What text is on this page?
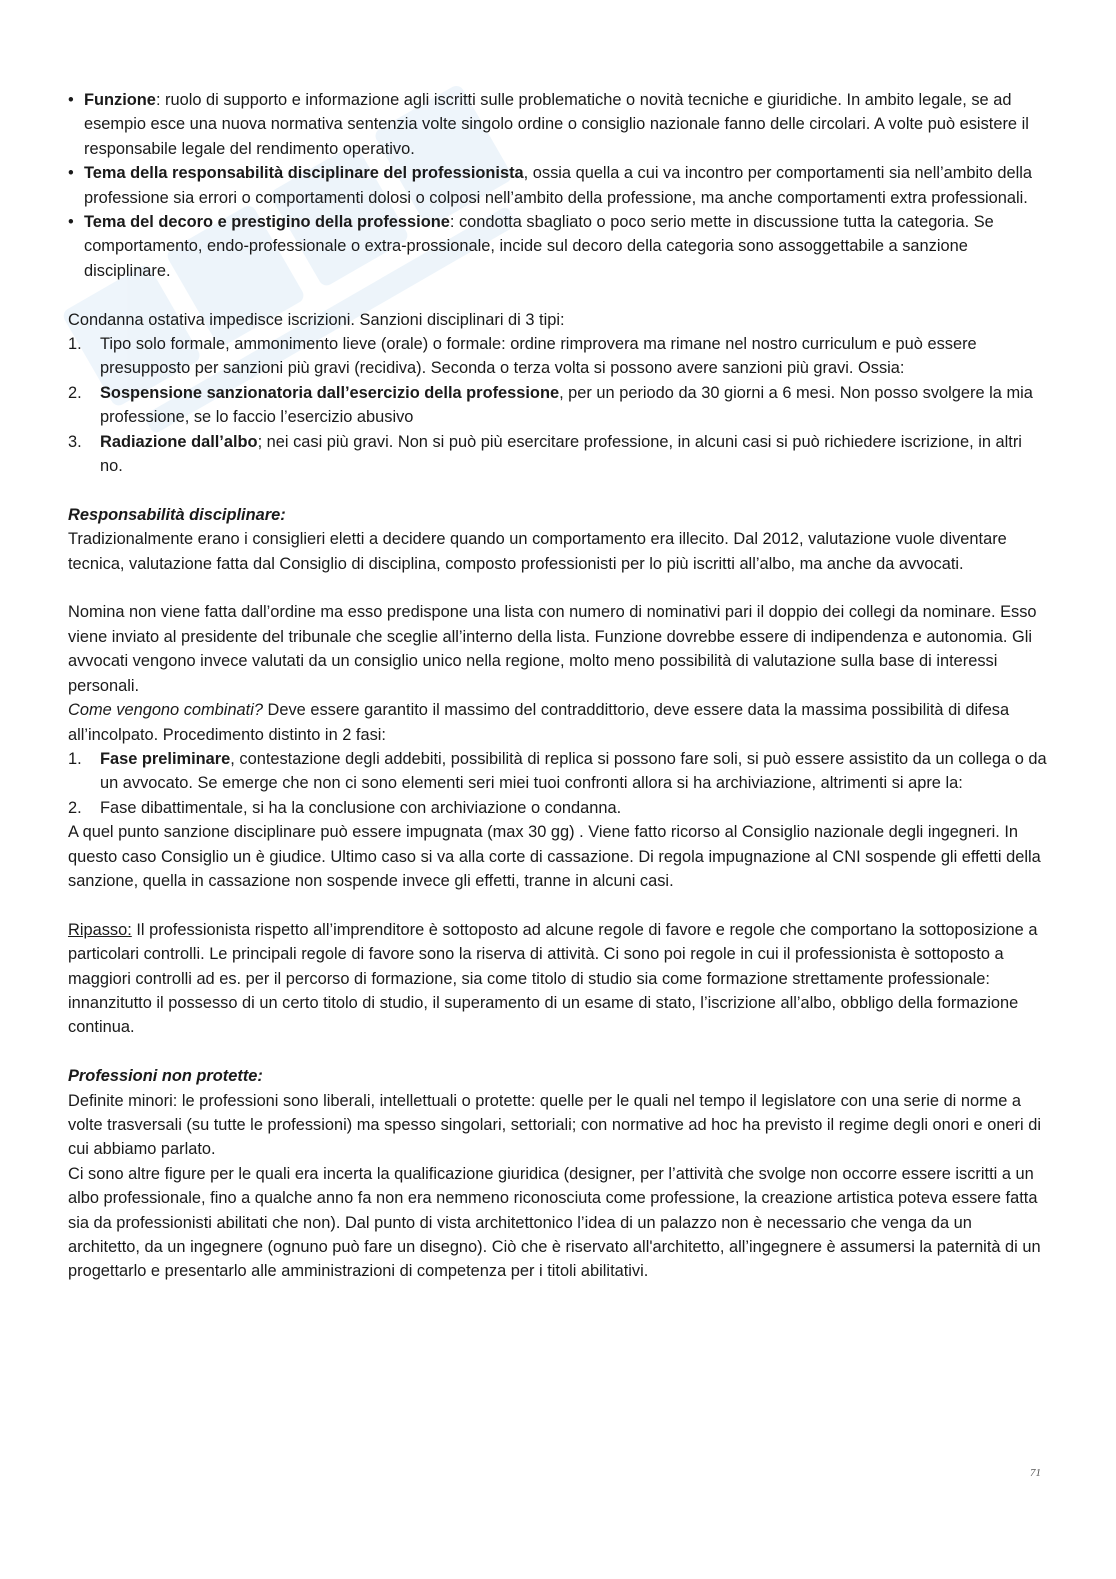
• Funzione: ruolo di supporto e informazione agli iscritti sulle problematiche o novità tecniche e giuridiche. In ambito legale, se ad esempio esce una nuova normativa sentenzia volte singolo ordine o consiglio nazionale fanno delle circolari. A volte può esistere il responsabile legale del rendimento operativo.
• Tema della responsabilità disciplinare del professionista, ossia quella a cui va incontro per comportamenti sia nell’ambito della professione sia errori o comportamenti dolosi o colposi nell’ambito della professione, ma anche comportamenti extra professionali.
• Tema del decoro e prestigino della professione: condotta sbagliato o poco serio mette in discussione tutta la categoria. Se comportamento, endo-professionale o extra-prossionale, incide sul decoro della categoria sono assoggettabile a sanzione disciplinare.

Condanna ostativa impedisce iscrizioni. Sanzioni disciplinari di 3 tipi:

1. Tipo solo formale, ammonimento lieve (orale) o formale: ordine rimprovera ma rimane nel nostro curriculum e può essere presupposto per sanzioni più gravi (recidiva). Seconda o terza volta si possono avere sanzioni più gravi. Ossia:
2. Sospensione sanzionatoria dall’esercizio della professione, per un periodo da 30 giorni a 6 mesi. Non posso svolgere la mia professione, se lo faccio l’esercizio abusivo
3. Radiazione dall’albo; nei casi più gravi. Non si può più esercitare professione, in alcuni casi si può richiedere iscrizione, in altri no.

Responsabilità disciplinare:

Tradizionalmente erano i consiglieri eletti a decidere quando un comportamento era illecito. Dal 2012, valutazione vuole diventare tecnica, valutazione fatta dal Consiglio di disciplina, composto professionisti per lo più iscritti all’albo, ma anche da avvocati.

Nomina non viene fatta dall’ordine ma esso predispone una lista con numero di nominativi pari il doppio dei collegi da nominare. Esso viene inviato al presidente del tribunale che sceglie all’interno della lista. Funzione dovrebbe essere di indipendenza e autonomia. Gli avvocati vengono invece valutati da un consiglio unico nella regione, molto meno possibilità di valutazione sulla base di interessi personali.

Come vengono combinati? Deve essere garantito il massimo del contraddittorio, deve essere data la massima possibilità di difesa all’incolpato. Procedimento distinto in 2 fasi:

1. Fase preliminare, contestazione degli addebiti, possibilità di replica si possono fare soli, si può essere assistito da un collega o da un avvocato. Se emerge che non ci sono elementi seri miei tuoi confronti allora si ha archiviazione, altrimenti si apre la:
2. Fase dibattimentale, si ha la conclusione con archiviazione o condanna.

A quel punto sanzione disciplinare può essere impugnata (max 30 gg) . Viene fatto ricorso al Consiglio nazionale degli ingegneri. In questo caso Consiglio un è giudice. Ultimo caso si va alla corte di cassazione. Di regola impugnazione al CNI sospende gli effetti della sanzione, quella in cassazione non sospende invece gli effetti, tranne in alcuni casi.

Ripasso: Il professionista rispetto all’imprenditore è sottoposto ad alcune regole di favore e regole che comportano la sottoposizione a particolari controlli. Le principali regole di favore sono la riserva di attività. Ci sono poi regole in cui il professionista è sottoposto a maggiori controlli ad es. per il percorso di formazione, sia come titolo di studio sia come formazione strettamente professionale: innanzitutto il possesso di un certo titolo di studio, il superamento di un esame di stato, l’iscrizione all’albo, obbligo della formazione continua.

Professioni non protette:

Definite minori: le professioni sono liberali, intellettuali o protette: quelle per le quali nel tempo il legislatore con una serie di norme a volte trasversali (su tutte le professioni) ma spesso singolari, settoriali; con normative ad hoc ha previsto il regime degli onori e oneri di cui abbiamo parlato.

Ci sono altre figure per le quali era incerta la qualificazione giuridica (designer, per l’attività che svolge non occorre essere iscritti a un albo professionale, fino a qualche anno fa non era nemmeno riconosciuta come professione, la creazione artistica poteva essere fatta sia da professionisti abilitati che non). Dal punto di vista architettonico l’idea di un palazzo non è necessario che venga da un architetto, da un ingegnere (ognuno può fare un disegno). Ciò che è riservato all'architetto, all’ingegnere è assumersi la paternità di un progettarlo e presentarlo alle amministrazioni di competenza per i titoli abilitativi.

71
